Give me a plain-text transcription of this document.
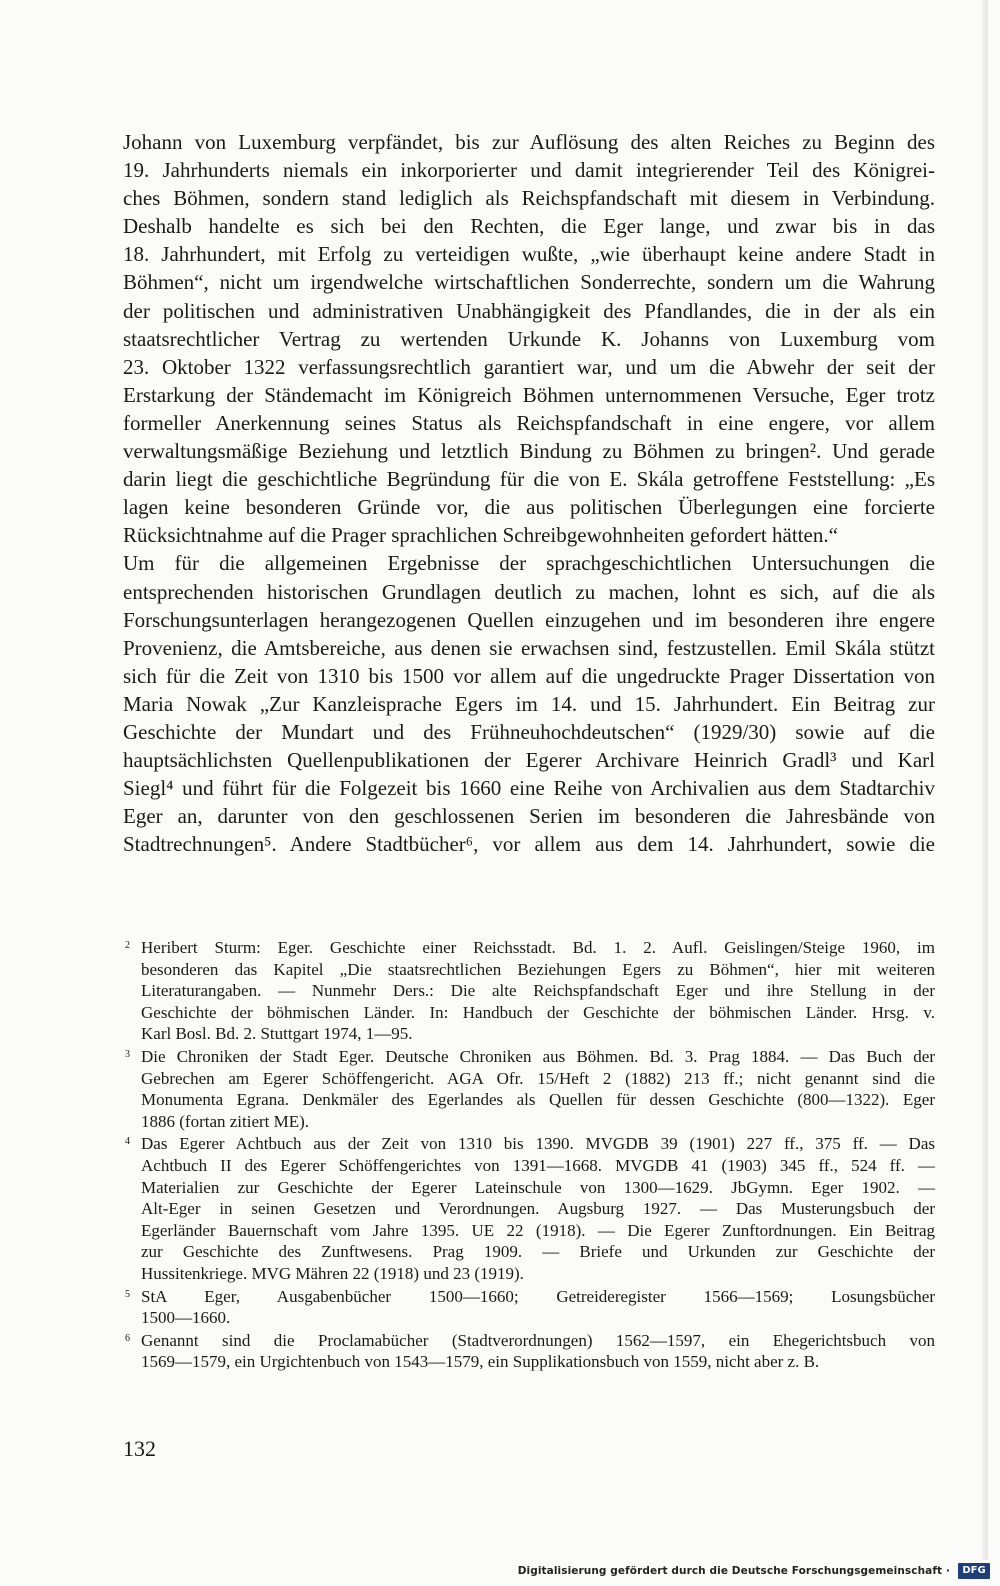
Johann von Luxemburg verpfändet, bis zur Auflösung des alten Reiches zu Beginn des
19. Jahrhunderts niemals ein inkorporierter und damit integrierender Teil des Königrei-
ches Böhmen, sondern stand lediglich als Reichspfandschaft mit diesem in Verbindung.
Deshalb handelte es sich bei den Rechten, die Eger lange, und zwar bis in das
18. Jahrhundert, mit Erfolg zu verteidigen wußte, „wie überhaupt keine andere Stadt in
Böhmen“, nicht um irgendwelche wirtschaftlichen Sonderrechte, sondern um die Wahrung
der politischen und administrativen Unabhängigkeit des Pfandlandes, die in der als ein
staatsrechtlicher Vertrag zu wertenden Urkunde K. Johanns von Luxemburg vom
23. Oktober 1322 verfassungsrechtlich garantiert war, und um die Abwehr der seit der
Erstarkung der Ständemacht im Königreich Böhmen unternommenen Versuche, Eger trotz
formeller Anerkennung seines Status als Reichspfandschaft in eine engere, vor allem
verwaltungsmäßige Beziehung und letztlich Bindung zu Böhmen zu bringen². Und gerade
darin liegt die geschichtliche Begründung für die von E. Skála getroffene Feststellung: „Es
lagen keine besonderen Gründe vor, die aus politischen Überlegungen eine forcierte
Rücksichtnahme auf die Prager sprachlichen Schreibgewohnheiten gefordert hätten.“
Um für die allgemeinen Ergebnisse der sprachgeschichtlichen Untersuchungen die
entsprechenden historischen Grundlagen deutlich zu machen, lohnt es sich, auf die als
Forschungsunterlagen herangezogenen Quellen einzugehen und im besonderen ihre engere
Provenienz, die Amtsbereiche, aus denen sie erwachsen sind, festzustellen. Emil Skála stützt
sich für die Zeit von 1310 bis 1500 vor allem auf die ungedruckte Prager Dissertation von
Maria Nowak „Zur Kanzleisprache Egers im 14. und 15. Jahrhundert. Ein Beitrag zur
Geschichte der Mundart und des Frühneuhochdeutschen“ (1929/30) sowie auf die
hauptsächlichsten Quellenpublikationen der Egerer Archivare Heinrich Gradl³ und Karl
Siegl⁴ und führt für die Folgezeit bis 1660 eine Reihe von Archivalien aus dem Stadtarchiv
Eger an, darunter von den geschlossenen Serien im besonderen die Jahresbände von
Stadtrechnungen⁵. Andere Stadtbücher⁶, vor allem aus dem 14. Jahrhundert, sowie die
2 Heribert Sturm: Eger. Geschichte einer Reichsstadt. Bd. 1. 2. Aufl. Geislingen/Steige 1960, im
besonderen das Kapitel „Die staatsrechtlichen Beziehungen Egers zu Böhmen“, hier mit weiteren
Literaturangaben. — Nunmehr Ders.: Die alte Reichspfandschaft Eger und ihre Stellung in der
Geschichte der böhmischen Länder. In: Handbuch der Geschichte der böhmischen Länder. Hrsg. v.
Karl Bosl. Bd. 2. Stuttgart 1974, 1—95.
3 Die Chroniken der Stadt Eger. Deutsche Chroniken aus Böhmen. Bd. 3. Prag 1884. — Das Buch der
Gebrechen am Egerer Schöffengericht. AGA Ofr. 15/Heft 2 (1882) 213 ff.; nicht genannt sind die
Monumenta Egrana. Denkmäler des Egerlandes als Quellen für dessen Geschichte (800—1322). Eger
1886 (fortan zitiert ME).
4 Das Egerer Achtbuch aus der Zeit von 1310 bis 1390. MVGDB 39 (1901) 227 ff., 375 ff. — Das
Achtbuch II des Egerer Schöffengerichtes von 1391—1668. MVGDB 41 (1903) 345 ff., 524 ff. —
Materialien zur Geschichte der Egerer Lateinschule von 1300—1629. JbGymn. Eger 1902. —
Alt-Eger in seinen Gesetzen und Verordnungen. Augsburg 1927. — Das Musterungsbuch der
Egerländer Bauernschaft vom Jahre 1395. UE 22 (1918). — Die Egerer Zunftordnungen. Ein Beitrag
zur Geschichte des Zunftwesens. Prag 1909. — Briefe und Urkunden zur Geschichte der
Hussitenkriege. MVG Mähren 22 (1918) und 23 (1919).
5 StA Eger, Ausgabenbücher 1500—1660; Getreideregister 1566—1569; Losungsbücher
1500—1660.
6 Genannt sind die Proclamabücher (Stadtverordnungen) 1562—1597, ein Ehegerichtsbuch von
1569—1579, ein Urgichtenbuch von 1543—1579, ein Supplikationsbuch von 1559, nicht aber z. B.
132
Digitalisierung gefördert durch die Deutsche Forschungsgemeinschaft ·	DFG
